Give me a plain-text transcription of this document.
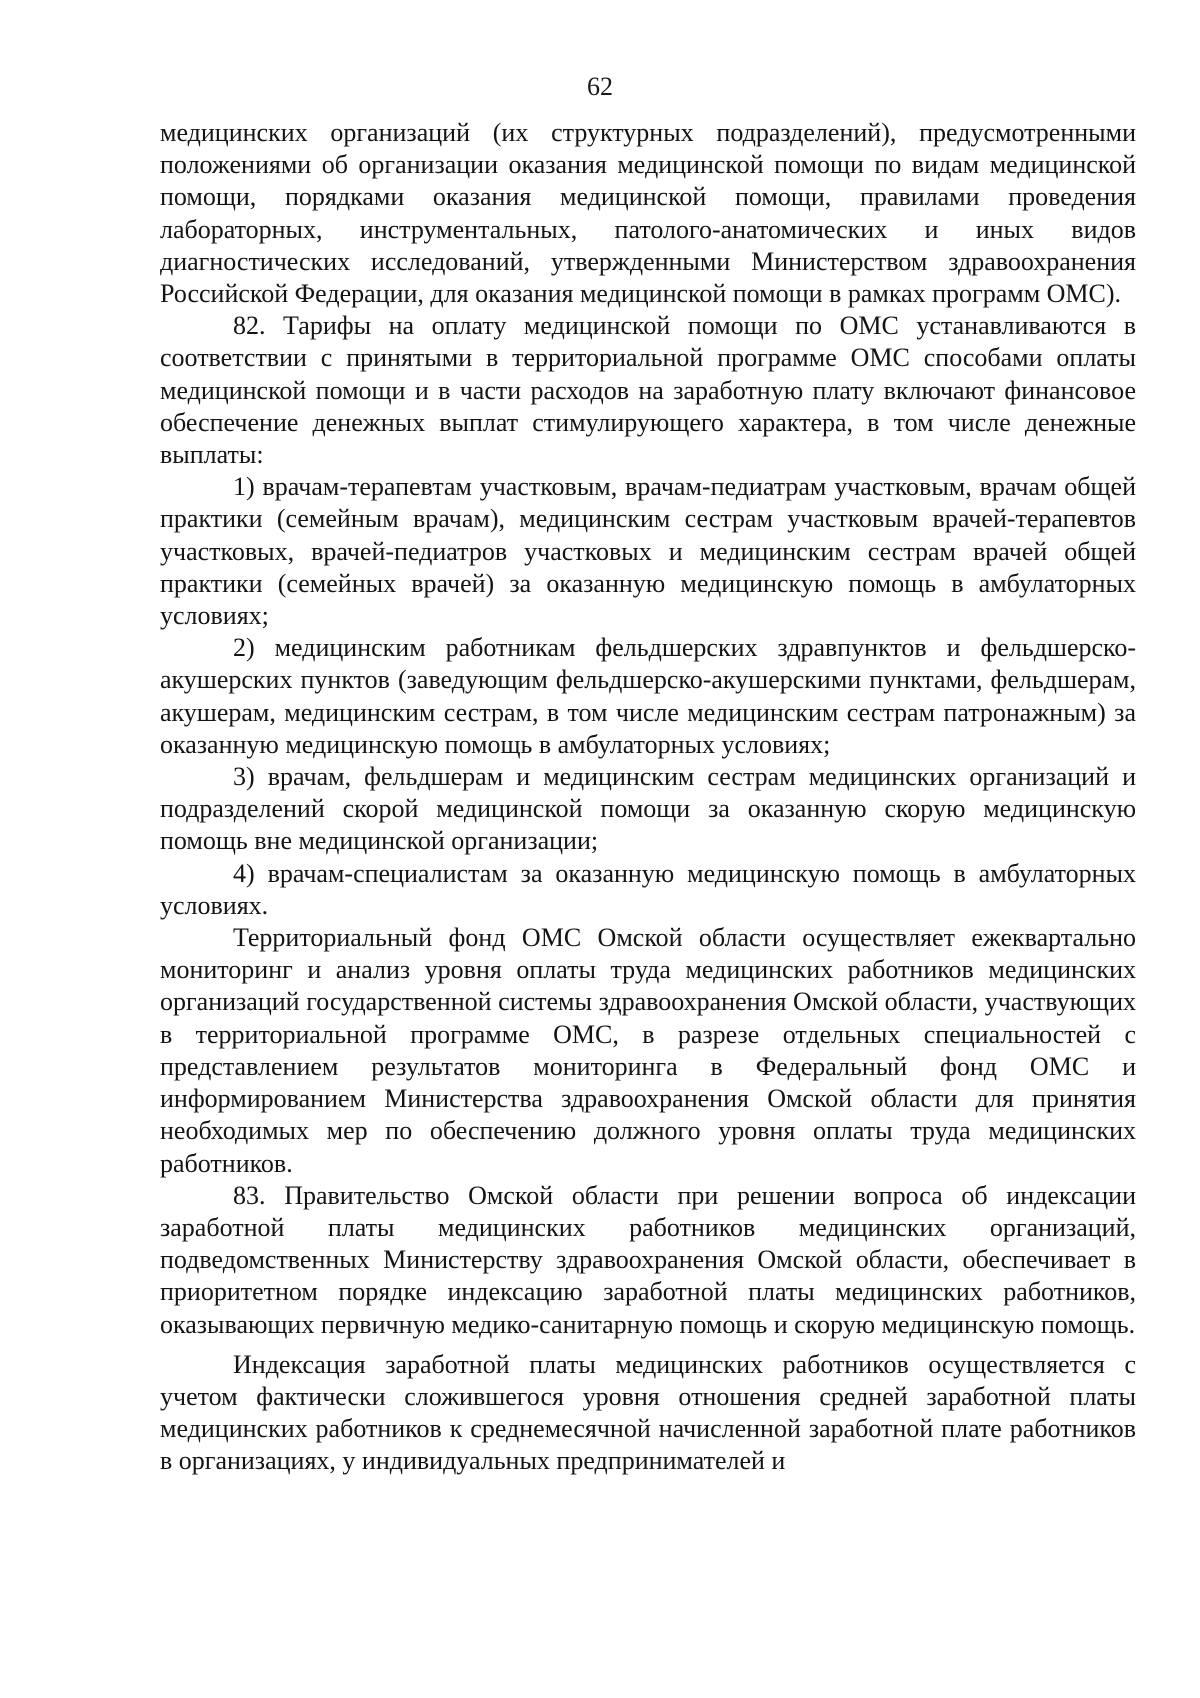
62

медицинских организаций (их структурных подразделений), предусмотренными положениями об организации оказания медицинской помощи по видам медицинской помощи, порядками оказания медицинской помощи, правилами проведения лабораторных, инструментальных, патолого-анатомических и иных видов диагностических исследований, утвержденными Министерством здравоохранения Российской Федерации, для оказания медицинской помощи в рамках программ ОМС).

82. Тарифы на оплату медицинской помощи по ОМС устанавливаются в соответствии с принятыми в территориальной программе ОМС способами оплаты медицинской помощи и в части расходов на заработную плату включают финансовое обеспечение денежных выплат стимулирующего характера, в том числе денежные выплаты:

1) врачам-терапевтам участковым, врачам-педиатрам участковым, врачам общей практики (семейным врачам), медицинским сестрам участковым врачей-терапевтов участковых, врачей-педиатров участковых и медицинским сестрам врачей общей практики (семейных врачей) за оказанную медицинскую помощь в амбулаторных условиях;

2) медицинским работникам фельдшерских здравпунктов и фельдшерско-акушерских пунктов (заведующим фельдшерско-акушерскими пунктами, фельдшерам, акушерам, медицинским сестрам, в том числе медицинским сестрам патронажным) за оказанную медицинскую помощь в амбулаторных условиях;

3) врачам, фельдшерам и медицинским сестрам медицинских организаций и подразделений скорой медицинской помощи за оказанную скорую медицинскую помощь вне медицинской организации;

4) врачам-специалистам за оказанную медицинскую помощь в амбулаторных условиях.

Территориальный фонд ОМС Омской области осуществляет ежеквартально мониторинг и анализ уровня оплаты труда медицинских работников медицинских организаций государственной системы здравоохранения Омской области, участвующих в территориальной программе ОМС, в разрезе отдельных специальностей с представлением результатов мониторинга в Федеральный фонд ОМС и информированием Министерства здравоохранения Омской области для принятия необходимых мер по обеспечению должного уровня оплаты труда медицинских работников.

83. Правительство Омской области при решении вопроса об индексации заработной платы медицинских работников медицинских организаций, подведомственных Министерству здравоохранения Омской области, обеспечивает в приоритетном порядке индексацию заработной платы медицинских работников, оказывающих первичную медико-санитарную помощь и скорую медицинскую помощь.

Индексация заработной платы медицинских работников осуществляется с учетом фактически сложившегося уровня отношения средней заработной платы медицинских работников к среднемесячной начисленной заработной плате работников в организациях, у индивидуальных предпринимателей и
